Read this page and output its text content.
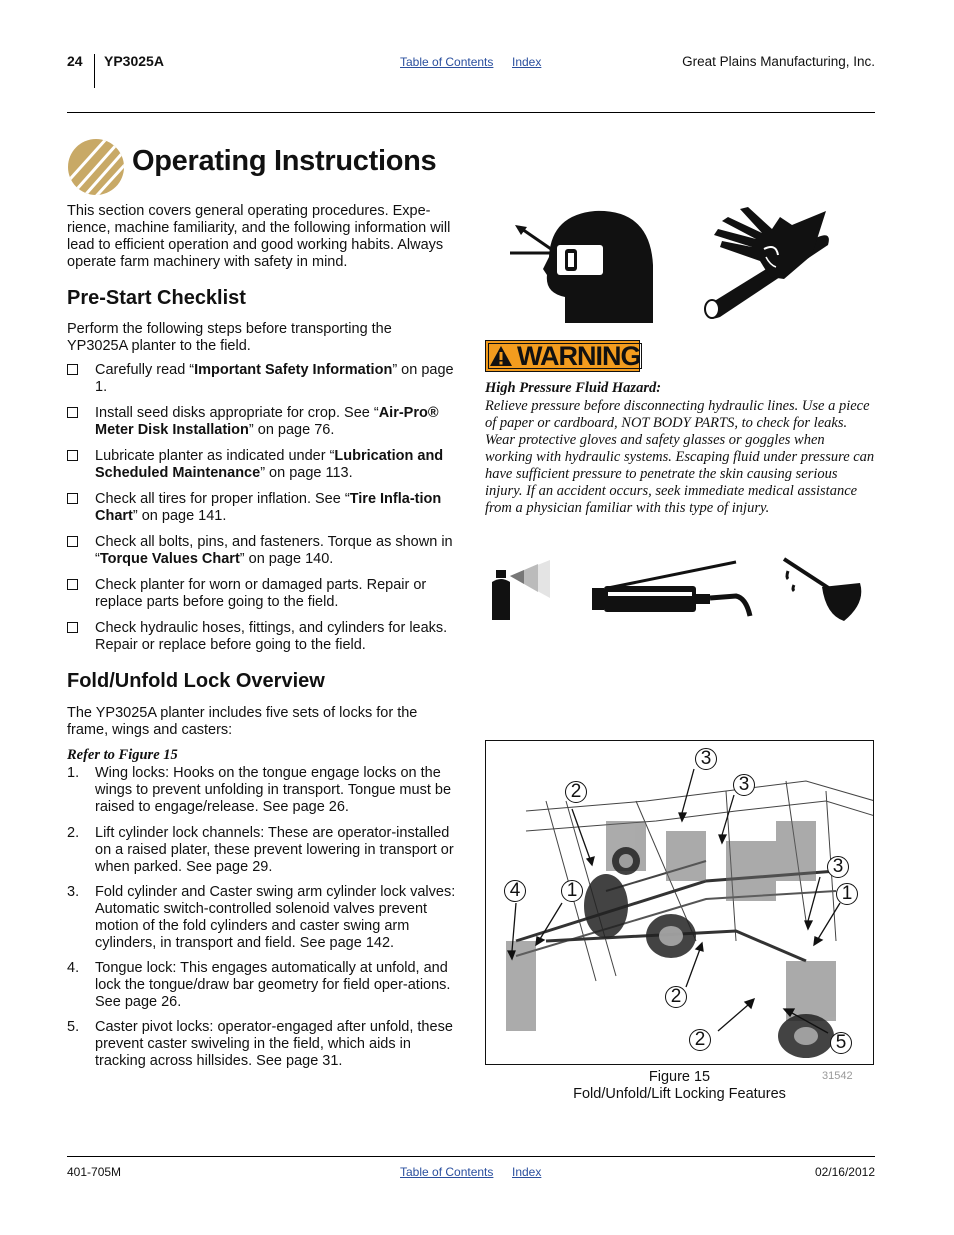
24 YP3025A	Table of Contents Index	Great Plains Manufacturing, Inc.
Operating Instructions
This section covers general operating procedures. Expe-rience, machine familiarity, and the following information will lead to efficient operation and good working habits. Always operate farm machinery with safety in mind.
Pre-Start Checklist
Perform the following steps before transporting the YP3025A planter to the field.
Carefully read “Important Safety Information” on page 1.
Install seed disks appropriate for crop. See “Air-Pro® Meter Disk Installation” on page 76.
Lubricate planter as indicated under “Lubrication and Scheduled Maintenance” on page 113.
Check all tires for proper inflation. See “Tire Infla-tion Chart” on page 141.
Check all bolts, pins, and fasteners. Torque as shown in “Torque Values Chart” on page 140.
Check planter for worn or damaged parts. Repair or replace parts before going to the field.
Check hydraulic hoses, fittings, and cylinders for leaks. Repair or replace before going to the field.
Fold/Unfold Lock Overview
The YP3025A planter includes five sets of locks for the frame, wings and casters:
Refer to Figure 15
1.	Wing locks: Hooks on the tongue engage locks on the wings to prevent unfolding in transport. Tongue must be raised to engage/release. See page 26.
2.	Lift cylinder lock channels: These are operator-installed on a raised plater, these prevent lowering in transport or when parked. See page 29.
3.	Fold cylinder and Caster swing arm cylinder lock valves: Automatic switch-controlled solenoid valves prevent motion of the fold cylinders and caster swing arm cylinders, in transport and field. See page 142.
4.	Tongue lock: This engages automatically at unfold, and lock the tongue/draw bar geometry for field oper-ations. See page 26.
5.	Caster pivot locks: operator-engaged after unfold, these prevent caster swiveling in the field, which aids in tracking across hillsides. See page 31.
WARNING
High Pressure Fluid Hazard:
Relieve pressure before disconnecting hydraulic lines. Use a piece of paper or cardboard, NOT BODY PARTS, to check for leaks. Wear protective gloves and safety glasses or goggles when working with hydraulic systems. Escaping fluid under pressure can have sufficient pressure to penetrate the skin causing serious injury. If an accident occurs, seek immediate medical assistance from a physician familiar with this type of injury.
3
2	3
3
4	1	1
2
2	5
Figure 15
Fold/Unfold/Lift Locking Features
31542
401-705M	Table of Contents Index	02/16/2012
